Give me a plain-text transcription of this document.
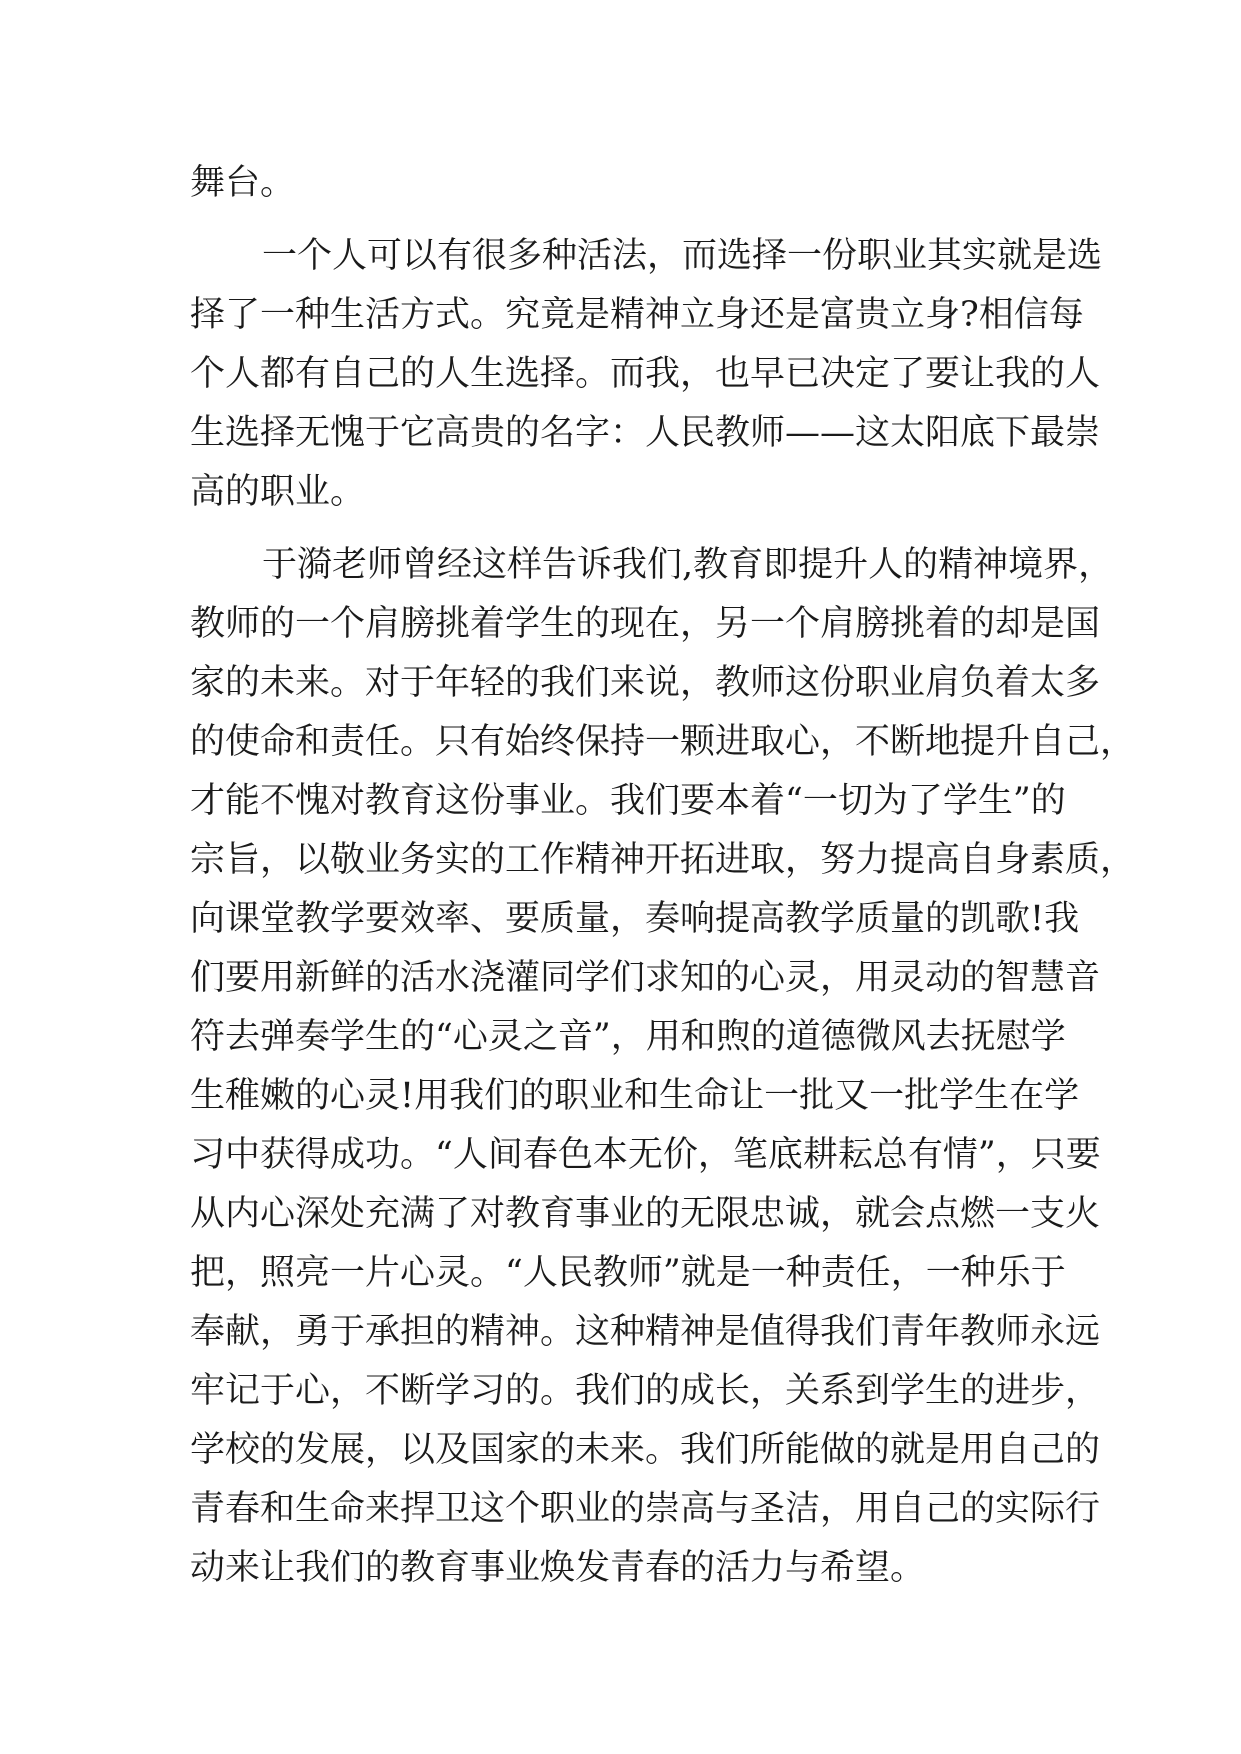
舞台。
一个人可以有很多种活法，而选择一份职业其实就是选
择了一种生活方式。究竟是精神立身还是富贵立身?相信每
个人都有自己的人生选择。而我，也早已决定了要让我的人
生选择无愧于它高贵的名字：人民教师——这太阳底下最崇
高的职业。
于漪老师曾经这样告诉我们,教育即提升人的精神境界，
教师的一个肩膀挑着学生的现在，另一个肩膀挑着的却是国
家的未来。对于年轻的我们来说，教师这份职业肩负着太多
的使命和责任。只有始终保持一颗进取心，不断地提升自己，
才能不愧对教育这份事业。我们要本着“一切为了学生”的
宗旨，以敬业务实的工作精神开拓进取，努力提高自身素质，
向课堂教学要效率、要质量，奏响提高教学质量的凯歌!我
们要用新鲜的活水浇灌同学们求知的心灵，用灵动的智慧音
符去弹奏学生的“心灵之音”，用和煦的道德微风去抚慰学
生稚嫩的心灵!用我们的职业和生命让一批又一批学生在学
习中获得成功。“人间春色本无价，笔底耕耘总有情”，只要
从内心深处充满了对教育事业的无限忠诚，就会点燃一支火
把，照亮一片心灵。“人民教师”就是一种责任，一种乐于
奉献，勇于承担的精神。这种精神是值得我们青年教师永远
牢记于心，不断学习的。我们的成长，关系到学生的进步，
学校的发展，以及国家的未来。我们所能做的就是用自己的
青春和生命来捍卫这个职业的崇高与圣洁，用自己的实际行
动来让我们的教育事业焕发青春的活力与希望。
